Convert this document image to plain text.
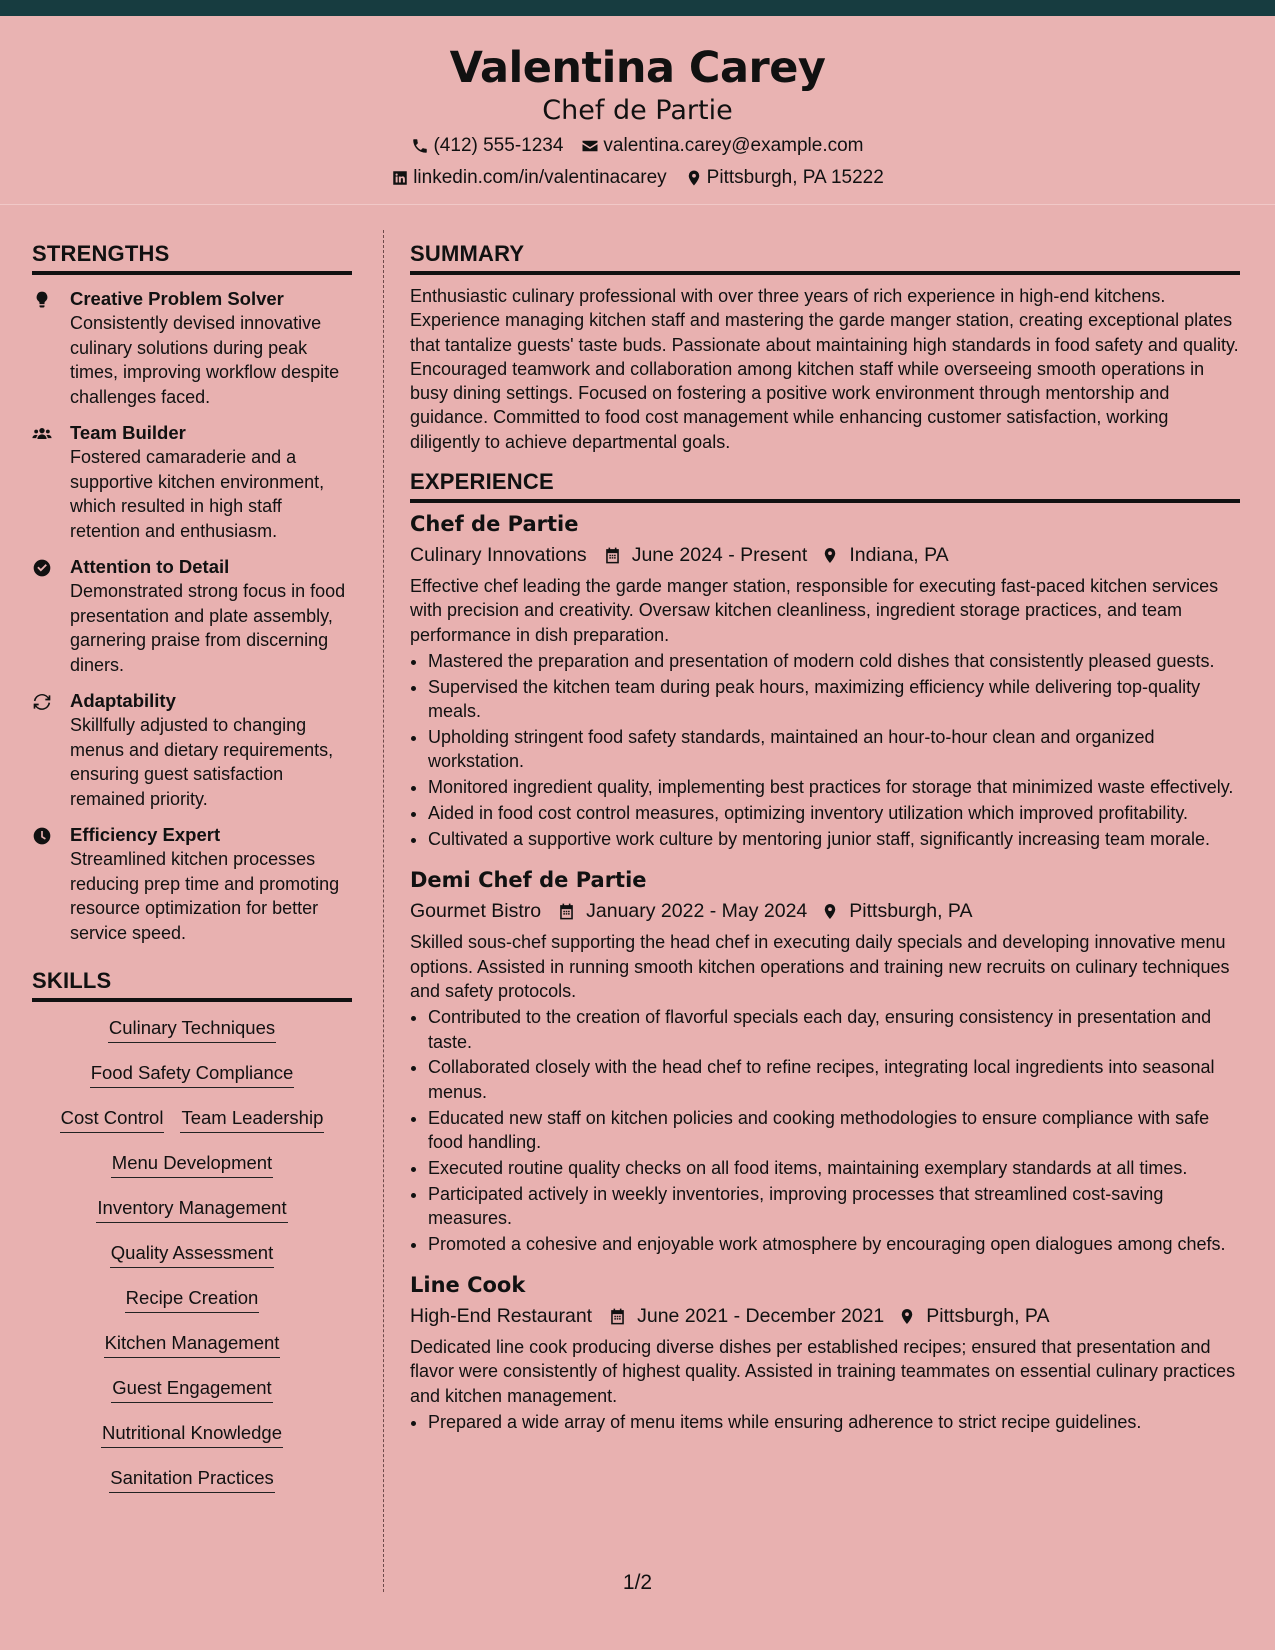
Valentina Carey
Chef de Partie
(412) 555-1234 valentina.carey@example.com
linkedin.com/in/valentinacarey Pittsburgh, PA 15222
STRENGTHS
Creative Problem Solver
Consistently devised innovative culinary solutions during peak times, improving workflow despite challenges faced.
Team Builder
Fostered camaraderie and a supportive kitchen environment, which resulted in high staff retention and enthusiasm.
Attention to Detail
Demonstrated strong focus in food presentation and plate assembly, garnering praise from discerning diners.
Adaptability
Skillfully adjusted to changing menus and dietary requirements, ensuring guest satisfaction remained priority.
Efficiency Expert
Streamlined kitchen processes reducing prep time and promoting resource optimization for better service speed.
SKILLS
Culinary Techniques
Food Safety Compliance
Cost Control Team Leadership
Menu Development
Inventory Management
Quality Assessment
Recipe Creation
Kitchen Management
Guest Engagement
Nutritional Knowledge
Sanitation Practices
SUMMARY
Enthusiastic culinary professional with over three years of rich experience in high-end kitchens. Experience managing kitchen staff and mastering the garde manger station, creating exceptional plates that tantalize guests' taste buds. Passionate about maintaining high standards in food safety and quality. Encouraged teamwork and collaboration among kitchen staff while overseeing smooth operations in busy dining settings. Focused on fostering a positive work environment through mentorship and guidance. Committed to food cost management while enhancing customer satisfaction, working diligently to achieve departmental goals.
EXPERIENCE
Chef de Partie
Culinary Innovations June 2024 - Present Indiana, PA
Effective chef leading the garde manger station, responsible for executing fast-paced kitchen services with precision and creativity. Oversaw kitchen cleanliness, ingredient storage practices, and team performance in dish preparation.
• Mastered the preparation and presentation of modern cold dishes that consistently pleased guests.
• Supervised the kitchen team during peak hours, maximizing efficiency while delivering top-quality meals.
• Upholding stringent food safety standards, maintained an hour-to-hour clean and organized workstation.
• Monitored ingredient quality, implementing best practices for storage that minimized waste effectively.
• Aided in food cost control measures, optimizing inventory utilization which improved profitability.
• Cultivated a supportive work culture by mentoring junior staff, significantly increasing team morale.
Demi Chef de Partie
Gourmet Bistro January 2022 - May 2024 Pittsburgh, PA
Skilled sous-chef supporting the head chef in executing daily specials and developing innovative menu options. Assisted in running smooth kitchen operations and training new recruits on culinary techniques and safety protocols.
• Contributed to the creation of flavorful specials each day, ensuring consistency in presentation and taste.
• Collaborated closely with the head chef to refine recipes, integrating local ingredients into seasonal menus.
• Educated new staff on kitchen policies and cooking methodologies to ensure compliance with safe food handling.
• Executed routine quality checks on all food items, maintaining exemplary standards at all times.
• Participated actively in weekly inventories, improving processes that streamlined cost-saving measures.
• Promoted a cohesive and enjoyable work atmosphere by encouraging open dialogues among chefs.
Line Cook
High-End Restaurant June 2021 - December 2021 Pittsburgh, PA
Dedicated line cook producing diverse dishes per established recipes; ensured that presentation and flavor were consistently of highest quality. Assisted in training teammates on essential culinary practices and kitchen management.
• Prepared a wide array of menu items while ensuring adherence to strict recipe guidelines.
1/2
